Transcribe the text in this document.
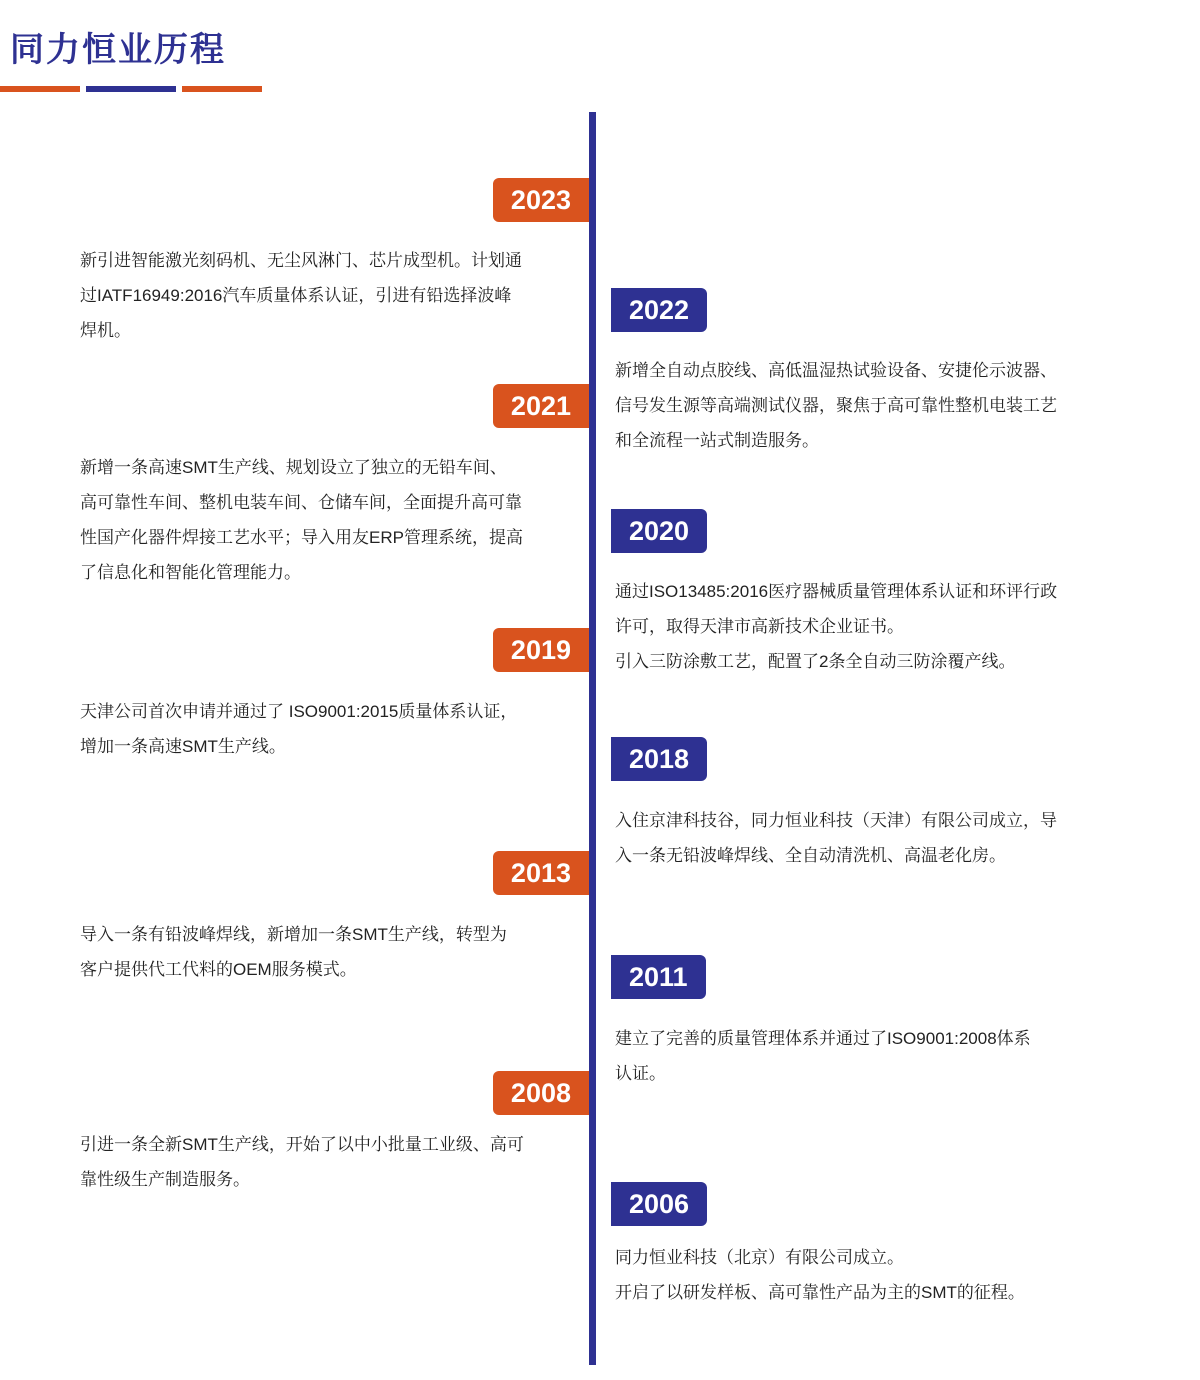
同力恒业历程
2023

新引进智能激光刻码机、无尘风淋门、芯片成型机。计划通

过IATF16949:2016汽车质量体系认证，引进有铅选择波峰

焊机。

2022

新增全自动点胶线、高低温湿热试验设备、安捷伦示波器、

信号发生源等高端测试仪器，聚焦于高可靠性整机电装工艺

和全流程一站式制造服务。

2021

新增一条高速SMT生产线、规划设立了独立的无铅车间、

高可靠性车间、整机电装车间、仓储车间，全面提升高可靠

性国产化器件焊接工艺水平；导入用友ERP管理系统，提高

了信息化和智能化管理能力。

2020

通过ISO13485:2016医疗器械质量管理体系认证和环评行政

许可，取得天津市高新技术企业证书。

引入三防涂敷工艺，配置了2条全自动三防涂覆产线。

2019

天津公司首次申请并通过了 ISO9001:2015质量体系认证，

增加一条高速SMT生产线。	2018

入住京津科技谷，同力恒业科技（天津）有限公司成立，导

入一条无铅波峰焊线、全自动清洗机、高温老化房。

2013

导入一条有铅波峰焊线，新增加一条SMT生产线，转型为

客户提供代工代料的OEM服务模式。	2011

建立了完善的质量管理体系并通过了ISO9001:2008体系

认证。

2008

引进一条全新SMT生产线，开始了以中小批量工业级、高可

靠性级生产制造服务。

2006

同力恒业科技（北京）有限公司成立。

开启了以研发样板、高可靠性产品为主的SMT的征程。
